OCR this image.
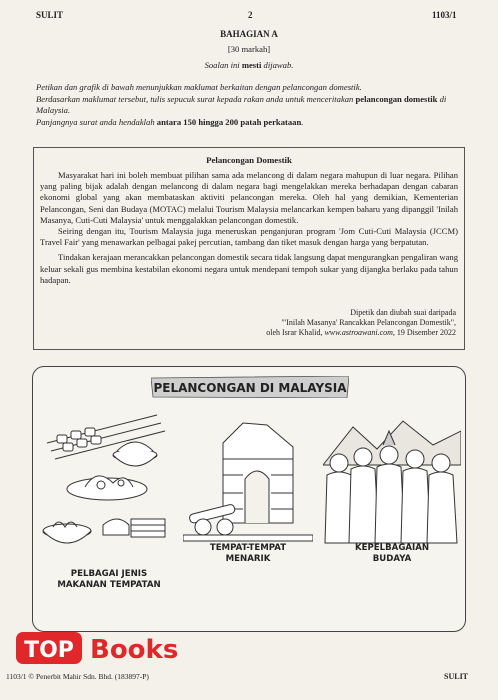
SULIT	2	1103/1
BAHAGIAN A
[30 markah]
Soalan ini mesti dijawab.

Petikan dan grafik di bawah menunjukkan maklumat berkaitan dengan pelancongan domestik.

Berdasarkan maklumat tersebut, tulis sepucuk surat kepada rakan anda untuk menceritakan pelancongan domestik di Malaysia.

Panjangnya surat anda hendaklah antara 150 hingga 200 patah perkataan.

Pelancongan Domestik

Masyarakat hari ini boleh membuat pilihan sama ada melancong di dalam negara mahupun di luar negara. Pilihan yang paling bijak adalah dengan melancong di dalam negara bagi mengelakkan mereka berhadapan dengan cabaran ekonomi global yang akan membataskan aktiviti pelancongan mereka. Oleh hal yang demikian, Kementerian Pelancongan, Seni dan Budaya (MOTAC) melalui Tourism Malaysia melancarkan kempen baharu yang dipanggil 'Inilah Masanya, Cuti-Cuti Malaysia' untuk menggalakkan pelancongan domestik.

Seiring dengan itu, Tourism Malaysia juga meneruskan penganjuran program 'Jom Cuti-Cuti Malaysia (JCCM) Travel Fair' yang menawarkan pelbagai pakej percutian, tambang dan tiket masuk dengan harga yang berpatutan.

Tindakan kerajaan merancakkan pelancongan domestik secara tidak langsung dapat mengurangkan pengaliran wang keluar sekali gus membina kestabilan ekonomi negara untuk mendepani tempoh sukar yang dijangka berlaku pada tahun hadapan.

Dipetik dan diubah suai daripada
"'Inilah Masanya' Rancakkan Pelancongan Domestik",
oleh Israr Khalid, www.astroawani.com, 19 Disember 2022
PELANCONGAN DI MALAYSIA
PELBAGAI JENIS
MAKANAN TEMPATAN
TEMPAT-TEMPAT
MENARIK
KEPELBAGAIAN
BUDAYA
TOP Books
1103/1 © Penerbit Mahir Sdn. Bhd. (183897-P)	SULIT
